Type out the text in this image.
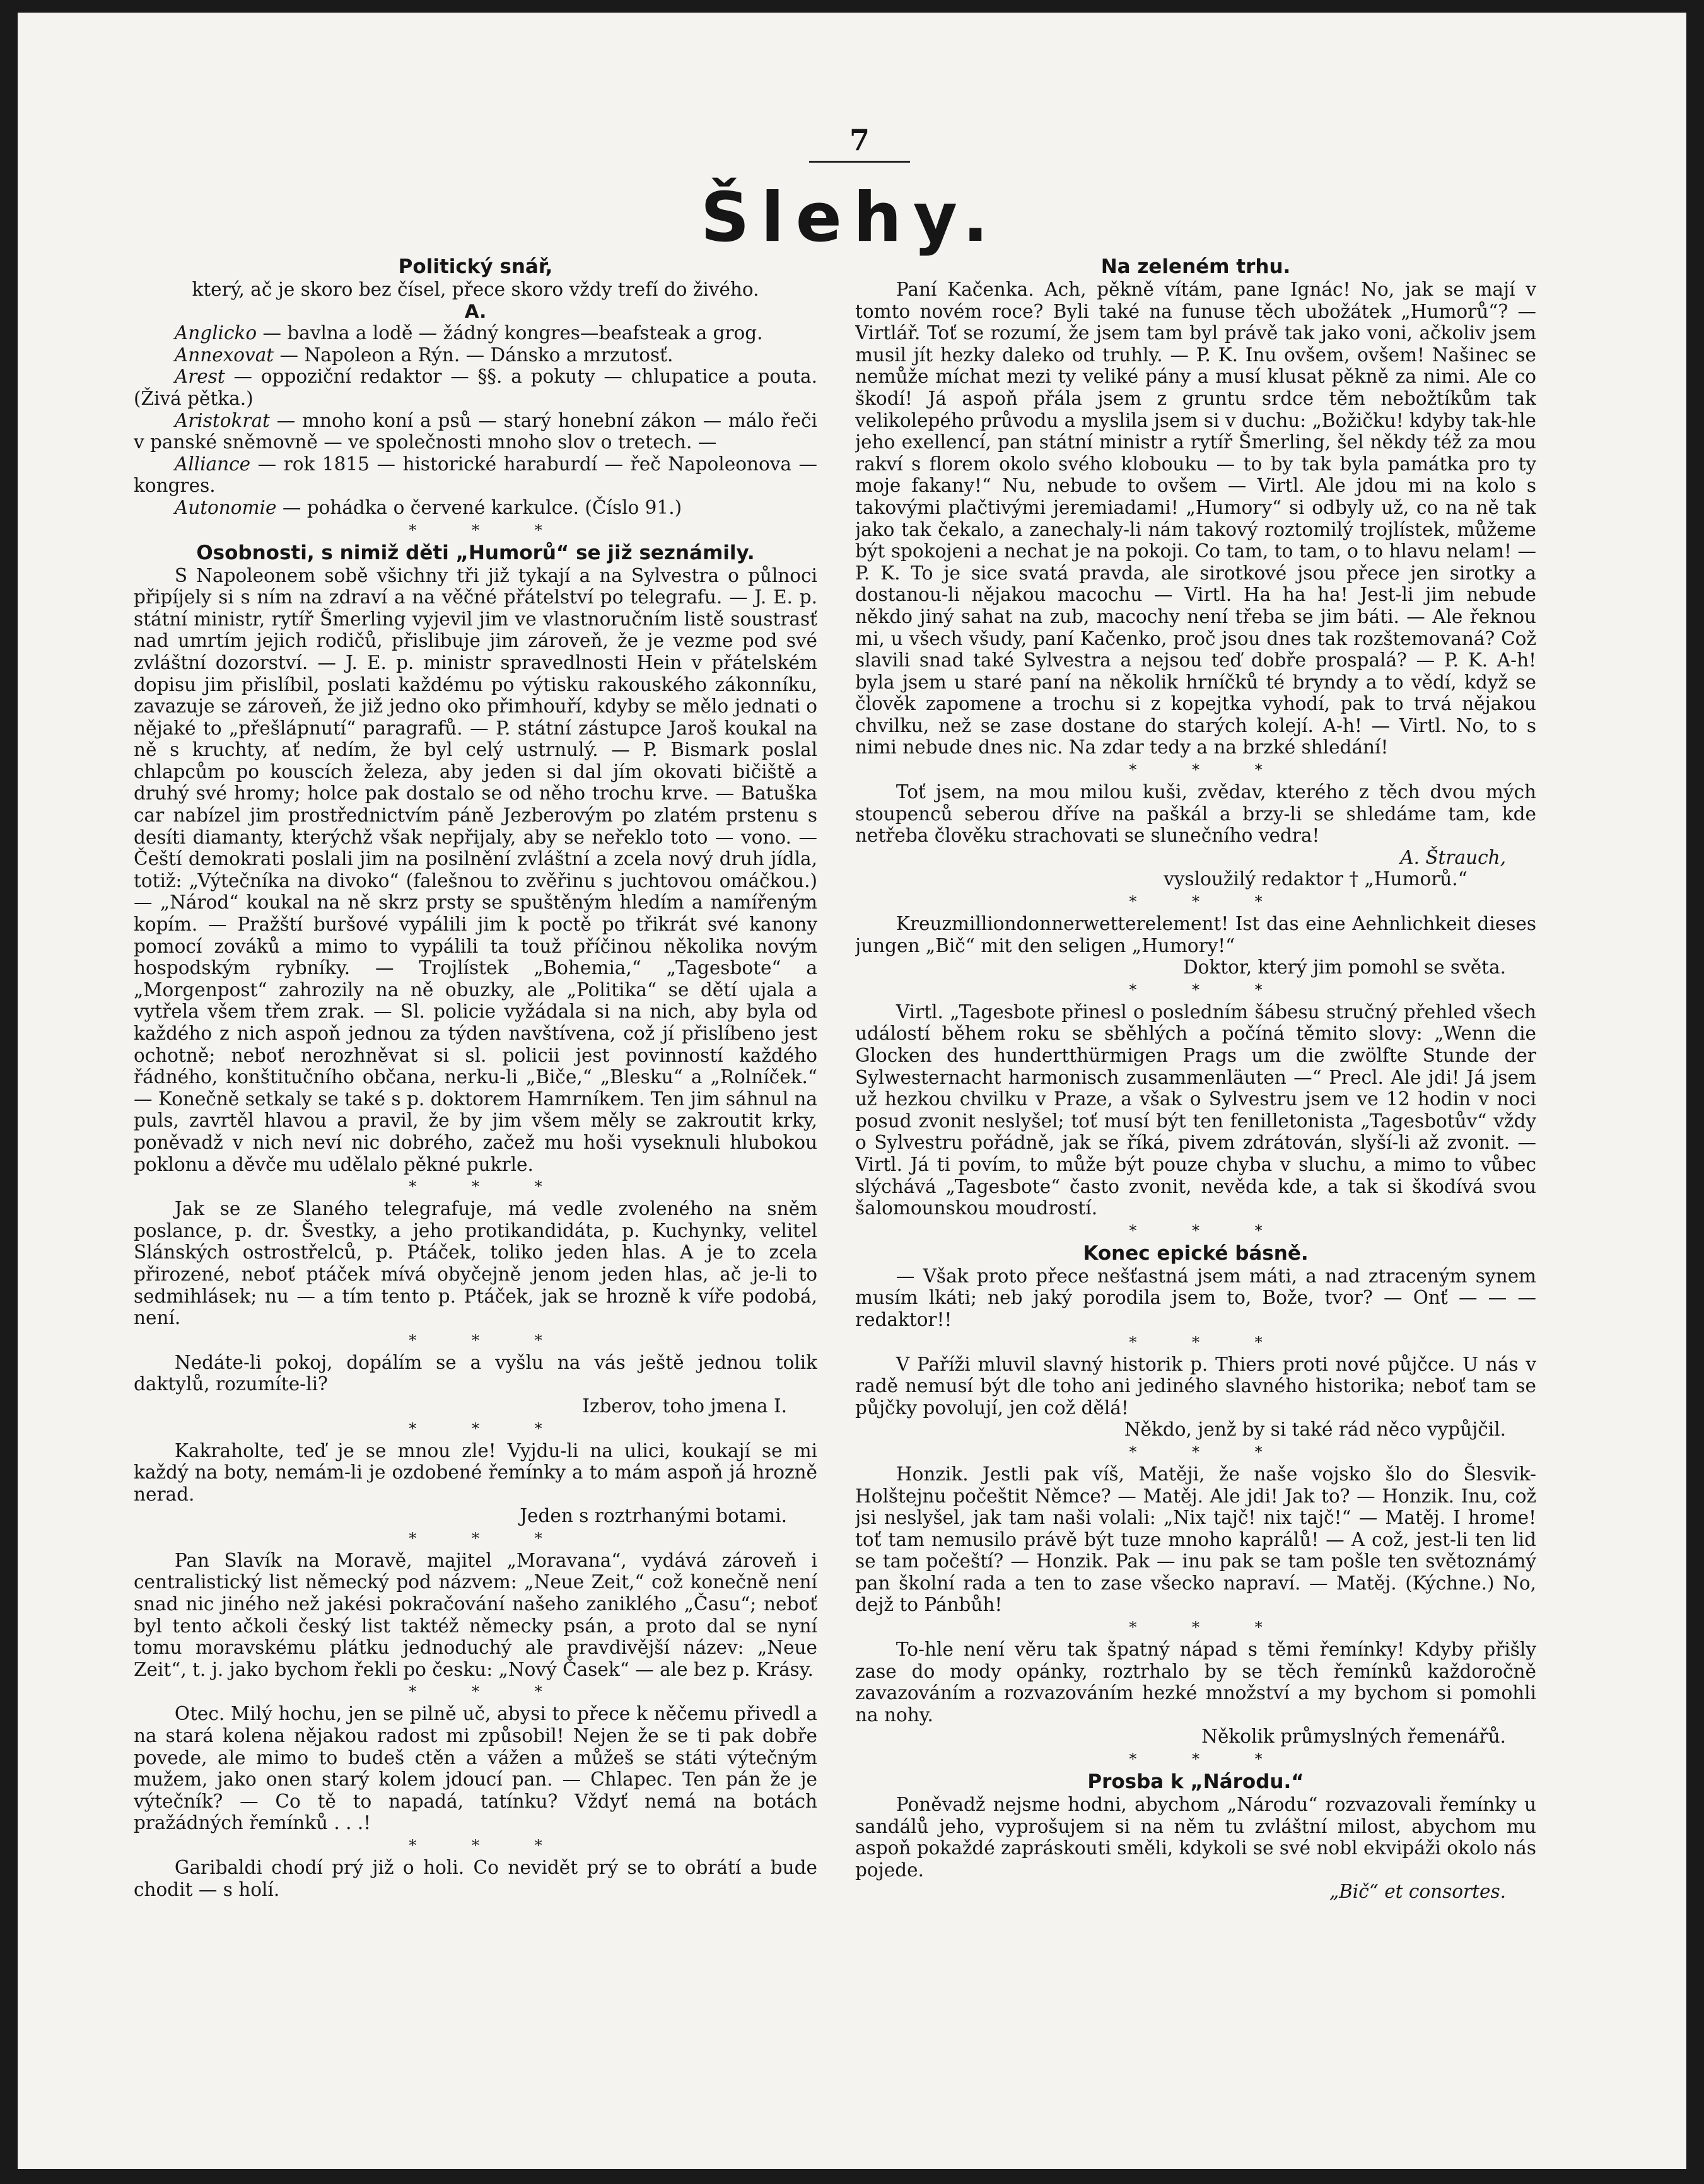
7
Šlehy.
Politický snář,
který, ač je skoro bez čísel, přece skoro vždy trefí do živého.
A.

Anglicko — bavlna a lodě — žádný kongres—beafsteak a grog.

Annexovat — Napoleon a Rýn. — Dánsko a mrzutosť.

Arest — oppoziční redaktor — §§. a pokuty — chlupatice a pouta. (Živá pětka.)

Aristokrat — mnoho koní a psů — starý honební zákon — málo řeči v panské sněmovně — ve společnosti mnoho slov o tretech. —

Alliance — rok 1815 — historické haraburdí — řeč Napoleonova — kongres.

Autonomie — pohádka o červené karkulce. (Číslo 91.)

* * *
Osobnosti, s nimiž děti „Humorů“ se již seznámily.

S Napoleonem sobě všichny tři již tykají a na Sylvestra o půlnoci připíjely si s ním na zdraví a na věčné přátelství po telegrafu. — J. E. p. státní ministr, rytíř Šmerling vyjevil jim ve vlastnoručním listě soustrasť nad umrtím jejich rodičů, přislibuje jim zároveň, že je vezme pod své zvláštní dozorství. — J. E. p. ministr spravedlnosti Hein v přátelském dopisu jim přislíbil, poslati každému po výtisku rakouského zákonníku, zavazuje se zároveň, že již jedno oko přimhouří, kdyby se mělo jednati o nějaké to „přešlápnutí“ paragrafů. — P. státní zástupce Jaroš koukal na ně s kruchty, ať nedím, že byl celý ustrnulý. — P. Bismark poslal chlapcům po kouscích železa, aby jeden si dal jím okovati bičiště a druhý své hromy; holce pak dostalo se od něho trochu krve. — Batuška car nabízel jim prostřednictvím páně Jezberovým po zlatém prstenu s desíti diamanty, kterýchž však nepřijaly, aby se neřeklo toto — vono. — Čeští demokrati poslali jim na posilnění zvláštní a zcela nový druh jídla, totiž: „Výtečníka na divoko“ (falešnou to zvěřinu s juchtovou omáčkou.) — „Národ“ koukal na ně skrz prsty se spuštěným hledím a namířeným kopím. — Pražští buršové vypálili jim k poctě po třikrát své kanony pomocí zováků a mimo to vypálili ta touž příčinou několika novým hospodským rybníky. — Trojlístek „Bohemia,“ „Tagesbote“ a „Morgenpost“ zahrozily na ně obuzky, ale „Politika“ se dětí ujala a vytřela všem třem zrak. — Sl. policie vyžádala si na nich, aby byla od každého z nich aspoň jednou za týden navštívena, což jí přislíbeno jest ochotně; neboť nerozhněvat si sl. policii jest povinností každého řádného, konštitučního občana, nerku-li „Biče,“ „Blesku“ a „Rolníček.“ — Konečně setkaly se také s p. doktorem Hamrníkem. Ten jim sáhnul na puls, zavrtěl hlavou a pravil, že by jim všem měly se zakroutit krky, poněvadž v nich neví nic dobrého, začež mu hoši vyseknuli hlubokou poklonu a děvče mu udělalo pěkné pukrle.

* * *

Jak se ze Slaného telegrafuje, má vedle zvoleného na sněm poslance, p. dr. Švestky, a jeho protikandidáta, p. Kuchynky, velitel Slánských ostrostřelců, p. Ptáček, toliko jeden hlas. A je to zcela přirozené, neboť ptáček mívá obyčejně jenom jeden hlas, ač je-li to sedmihlásek; nu — a tím tento p. Ptáček, jak se hrozně k víře podobá, není.

* * *

Nedáte-li pokoj, dopálím se a vyšlu na vás ještě jednou tolik daktylů, rozumíte-li?

Izberov, toho jmena I.
* * *

Kakraholte, teď je se mnou zle! Vyjdu-li na ulici, koukají se mi každý na boty, nemám-li je ozdobené řemínky a to mám aspoň já hrozně nerad.

Jeden s roztrhanými botami.
* * *

Pan Slavík na Moravě, majitel „Moravana“, vydává zároveň i centralistický list německý pod názvem: „Neue Zeit,“ což konečně není snad nic jiného než jakési pokračování našeho zaniklého „Času“; neboť byl tento ačkoli český list taktéž německy psán, a proto dal se nyní tomu moravskému plátku jednoduchý ale pravdivější název: „Neue Zeit“, t. j. jako bychom řekli po česku: „Nový Časek“ — ale bez p. Krásy.

* * *

Otec. Milý hochu, jen se pilně uč, abysi to přece k něčemu přivedl a na stará kolena nějakou radost mi způsobil! Nejen že se ti pak dobře povede, ale mimo to budeš ctěn a vážen a můžeš se státi výtečným mužem, jako onen starý kolem jdoucí pan. — Chlapec. Ten pán že je výtečník? — Co tě to napadá, tatínku? Vždyť nemá na botách pražádných řemínků . . .!

* * *

Garibaldi chodí prý již o holi. Co nevidět prý se to obrátí a bude chodit — s holí.

Na zeleném trhu.

Paní Kačenka. Ach, pěkně vítám, pane Ignác! No, jak se mají v tomto novém roce? Byli také na funuse těch ubožátek „Humorů“? — Virtlář. Toť se rozumí, že jsem tam byl právě tak jako voni, ačkoliv jsem musil jít hezky daleko od truhly. — P. K. Inu ovšem, ovšem! Našinec se nemůže míchat mezi ty veliké pány a musí klusat pěkně za nimi. Ale co škodí! Já aspoň přála jsem z gruntu srdce těm nebožtíkům tak velikolepého průvodu a myslila jsem si v duchu: „Božičku! kdyby tak-hle jeho exellencí, pan státní ministr a rytíř Šmerling, šel někdy též za mou rakví s florem okolo svého klobouku — to by tak byla památka pro ty moje fakany!“ Nu, nebude to ovšem — Virtl. Ale jdou mi na kolo s takovými plačtivými jeremiadami! „Humory“ si odbyly už, co na ně tak jako tak čekalo, a zanechaly-li nám takový roztomilý trojlístek, můžeme být spokojeni a nechat je na pokoji. Co tam, to tam, o to hlavu nelam! — P. K. To je sice svatá pravda, ale sirotkové jsou přece jen sirotky a dostanou-li nějakou macochu — Virtl. Ha ha ha! Jest-li jim nebude někdo jiný sahat na zub, macochy není třeba se jim báti. — Ale řeknou mi, u všech všudy, paní Kačenko, proč jsou dnes tak rozštemovaná? Což slavili snad také Sylvestra a nejsou teď dobře prospalá? — P. K. A-h! byla jsem u staré paní na několik hrníčků té bryndy a to vědí, když se člověk zapomene a trochu si z kopejtka vyhodí, pak to trvá nějakou chvilku, než se zase dostane do starých kolejí. A-h! — Virtl. No, to s nimi nebude dnes nic. Na zdar tedy a na brzké shledání!

* * *

Toť jsem, na mou milou kuši, zvědav, kterého z těch dvou mých stoupenců seberou dříve na paškál a brzy-li se shledáme tam, kde netřeba člověku strachovati se slunečního vedra!

A. Štrauch,
vysloužilý redaktor † „Humorů.“
* * *

Kreuzmilliondonnerwetterelement! Ist das eine Aehnlichkeit dieses jungen „Bič“ mit den seligen „Humory!“

Doktor, který jim pomohl se světa.
* * *

Virtl. „Tagesbote přinesl o posledním šábesu stručný přehled všech událostí během roku se sběhlých a počíná těmito slovy: „Wenn die Glocken des hundertthürmigen Prags um die zwölfte Stunde der Sylwesternacht harmonisch zusammenläuten —“ Precl. Ale jdi! Já jsem už hezkou chvilku v Praze, a však o Sylvestru jsem ve 12 hodin v noci posud zvonit neslyšel; toť musí být ten fenilletonista „Tagesbotův“ vždy o Sylvestru pořádně, jak se říká, pivem zdrátován, slyší-li až zvonit. — Virtl. Já ti povím, to může být pouze chyba v sluchu, a mimo to vůbec slýchává „Tagesbote“ často zvonit, nevěda kde, a tak si škodívá svou šalomounskou moudrostí.

* * *
Konec epické básně.

— Však proto přece nešťastná jsem máti, a nad ztraceným synem musím lkáti; neb jaký porodila jsem to, Bože, tvor? — Onť — — — redaktor!!

* * *

V Paříži mluvil slavný historik p. Thiers proti nové půjčce. U nás v radě nemusí být dle toho ani jediného slavného historika; neboť tam se půjčky povolují, jen což dělá!

Někdo, jenž by si také rád něco vypůjčil.
* * *

Honzik. Jestli pak víš, Matěji, že naše vojsko šlo do Šlesvik-Holštejnu počeštit Němce? — Matěj. Ale jdi! Jak to? — Honzik. Inu, což jsi neslyšel, jak tam naši volali: „Nix tajč! nix tajč!“ — Matěj. I hrome! toť tam nemusilo právě být tuze mnoho kaprálů! — A což, jest-li ten lid se tam počeští? — Honzik. Pak — inu pak se tam pošle ten světoznámý pan školní rada a ten to zase všecko napraví. — Matěj. (Kýchne.) No, dejž to Pánbůh!

* * *

To-hle není věru tak špatný nápad s těmi řemínky! Kdyby přišly zase do mody opánky, roztrhalo by se těch řemínků každoročně zavazováním a rozvazováním hezké množství a my bychom si pomohli na nohy.

Několik průmyslných řemenářů.
* * *
Prosba k „Národu.“

Poněvadž nejsme hodni, abychom „Národu“ rozvazovali řemínky u sandálů jeho, vyprošujem si na něm tu zvláštní milost, abychom mu aspoň pokaždé zapráskouti směli, kdykoli se své nobl ekvipáži okolo nás pojede.

„Bič“ et consortes.
